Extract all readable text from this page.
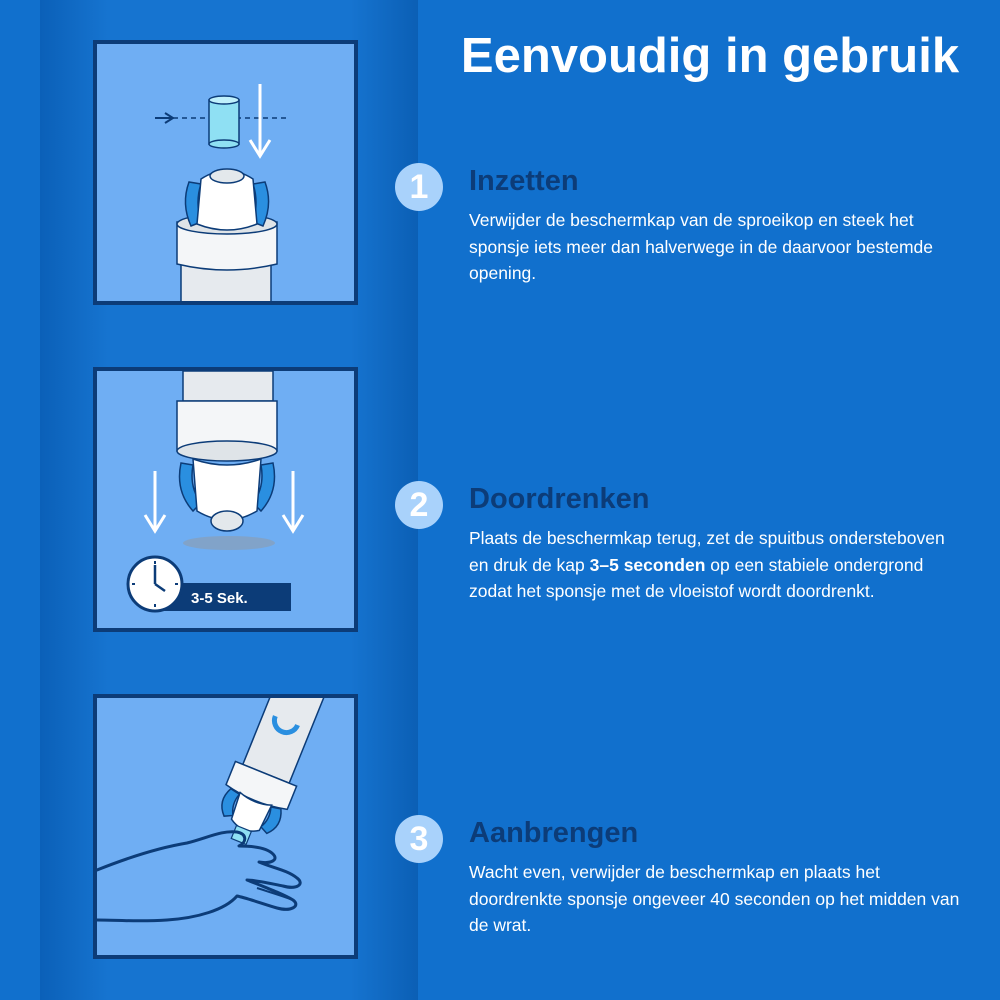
3-5 Sek.
Eenvoudig in gebruik
1	Inzetten

Verwijder de beschermkap van de sproeikop en steek het sponsje iets meer dan halverwege in de daarvoor bestemde opening.

2	Doordrenken

Plaats de beschermkap terug, zet de spuitbus ondersteboven en druk de kap 3–5 seconden op een stabiele ondergrond zodat het sponsje met de vloeistof wordt doordrenkt.

3	Aanbrengen

Wacht even, verwijder de beschermkap en plaats het doordrenkte sponsje ongeveer 40 seconden op het midden van de wrat.
